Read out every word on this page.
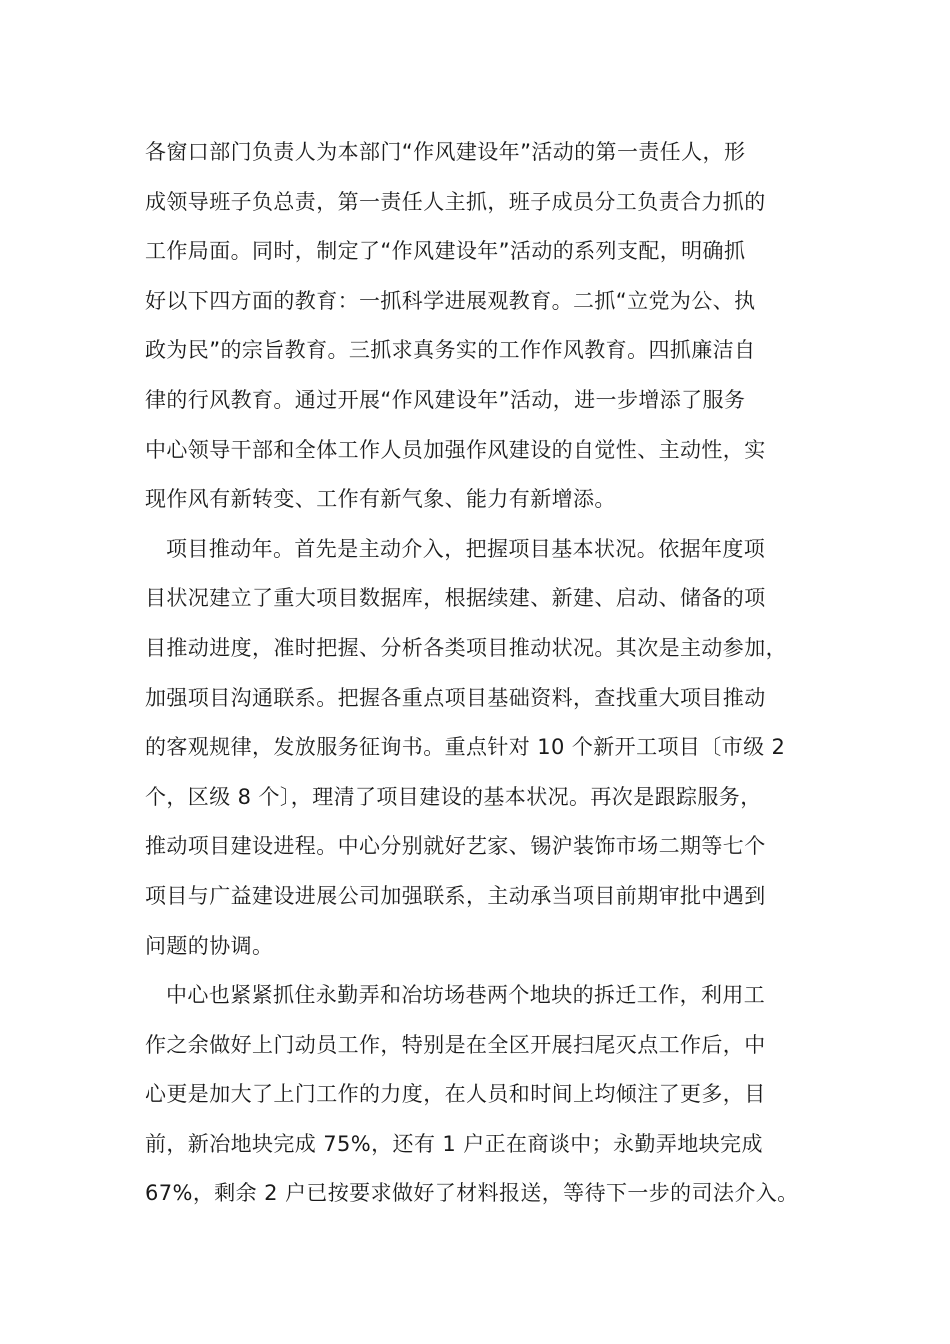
各窗口部门负责人为本部门“作风建设年”活动的第一责任人，形
成领导班子负总责，第一责任人主抓，班子成员分工负责合力抓的
工作局面。同时，制定了“作风建设年”活动的系列支配，明确抓
好以下四方面的教育：一抓科学进展观教育。二抓“立党为公、执
政为民”的宗旨教育。三抓求真务实的工作作风教育。四抓廉洁自
律的行风教育。通过开展“作风建设年”活动，进一步增添了服务
中心领导干部和全体工作人员加强作风建设的自觉性、主动性，实
现作风有新转变、工作有新气象、能力有新增添。
项目推动年。首先是主动介入，把握项目基本状况。依据年度项
目状况建立了重大项目数据库，根据续建、新建、启动、储备的项
目推动进度，准时把握、分析各类项目推动状况。其次是主动参加，
加强项目沟通联系。把握各重点项目基础资料，查找重大项目推动
的客观规律，发放服务征询书。重点针对 10 个新开工项目〔市级 2
个，区级 8 个〕，理清了项目建设的基本状况。再次是跟踪服务，
推动项目建设进程。中心分别就好艺家、锡沪装饰市场二期等七个
项目与广益建设进展公司加强联系，主动承当项目前期审批中遇到
问题的协调。
中心也紧紧抓住永勤弄和冶坊场巷两个地块的拆迁工作，利用工
作之余做好上门动员工作，特别是在全区开展扫尾灭点工作后，中
心更是加大了上门工作的力度，在人员和时间上均倾注了更多，目
前，新冶地块完成 75%，还有 1 户正在商谈中；永勤弄地块完成
67%，剩余 2 户已按要求做好了材料报送，等待下一步的司法介入。
